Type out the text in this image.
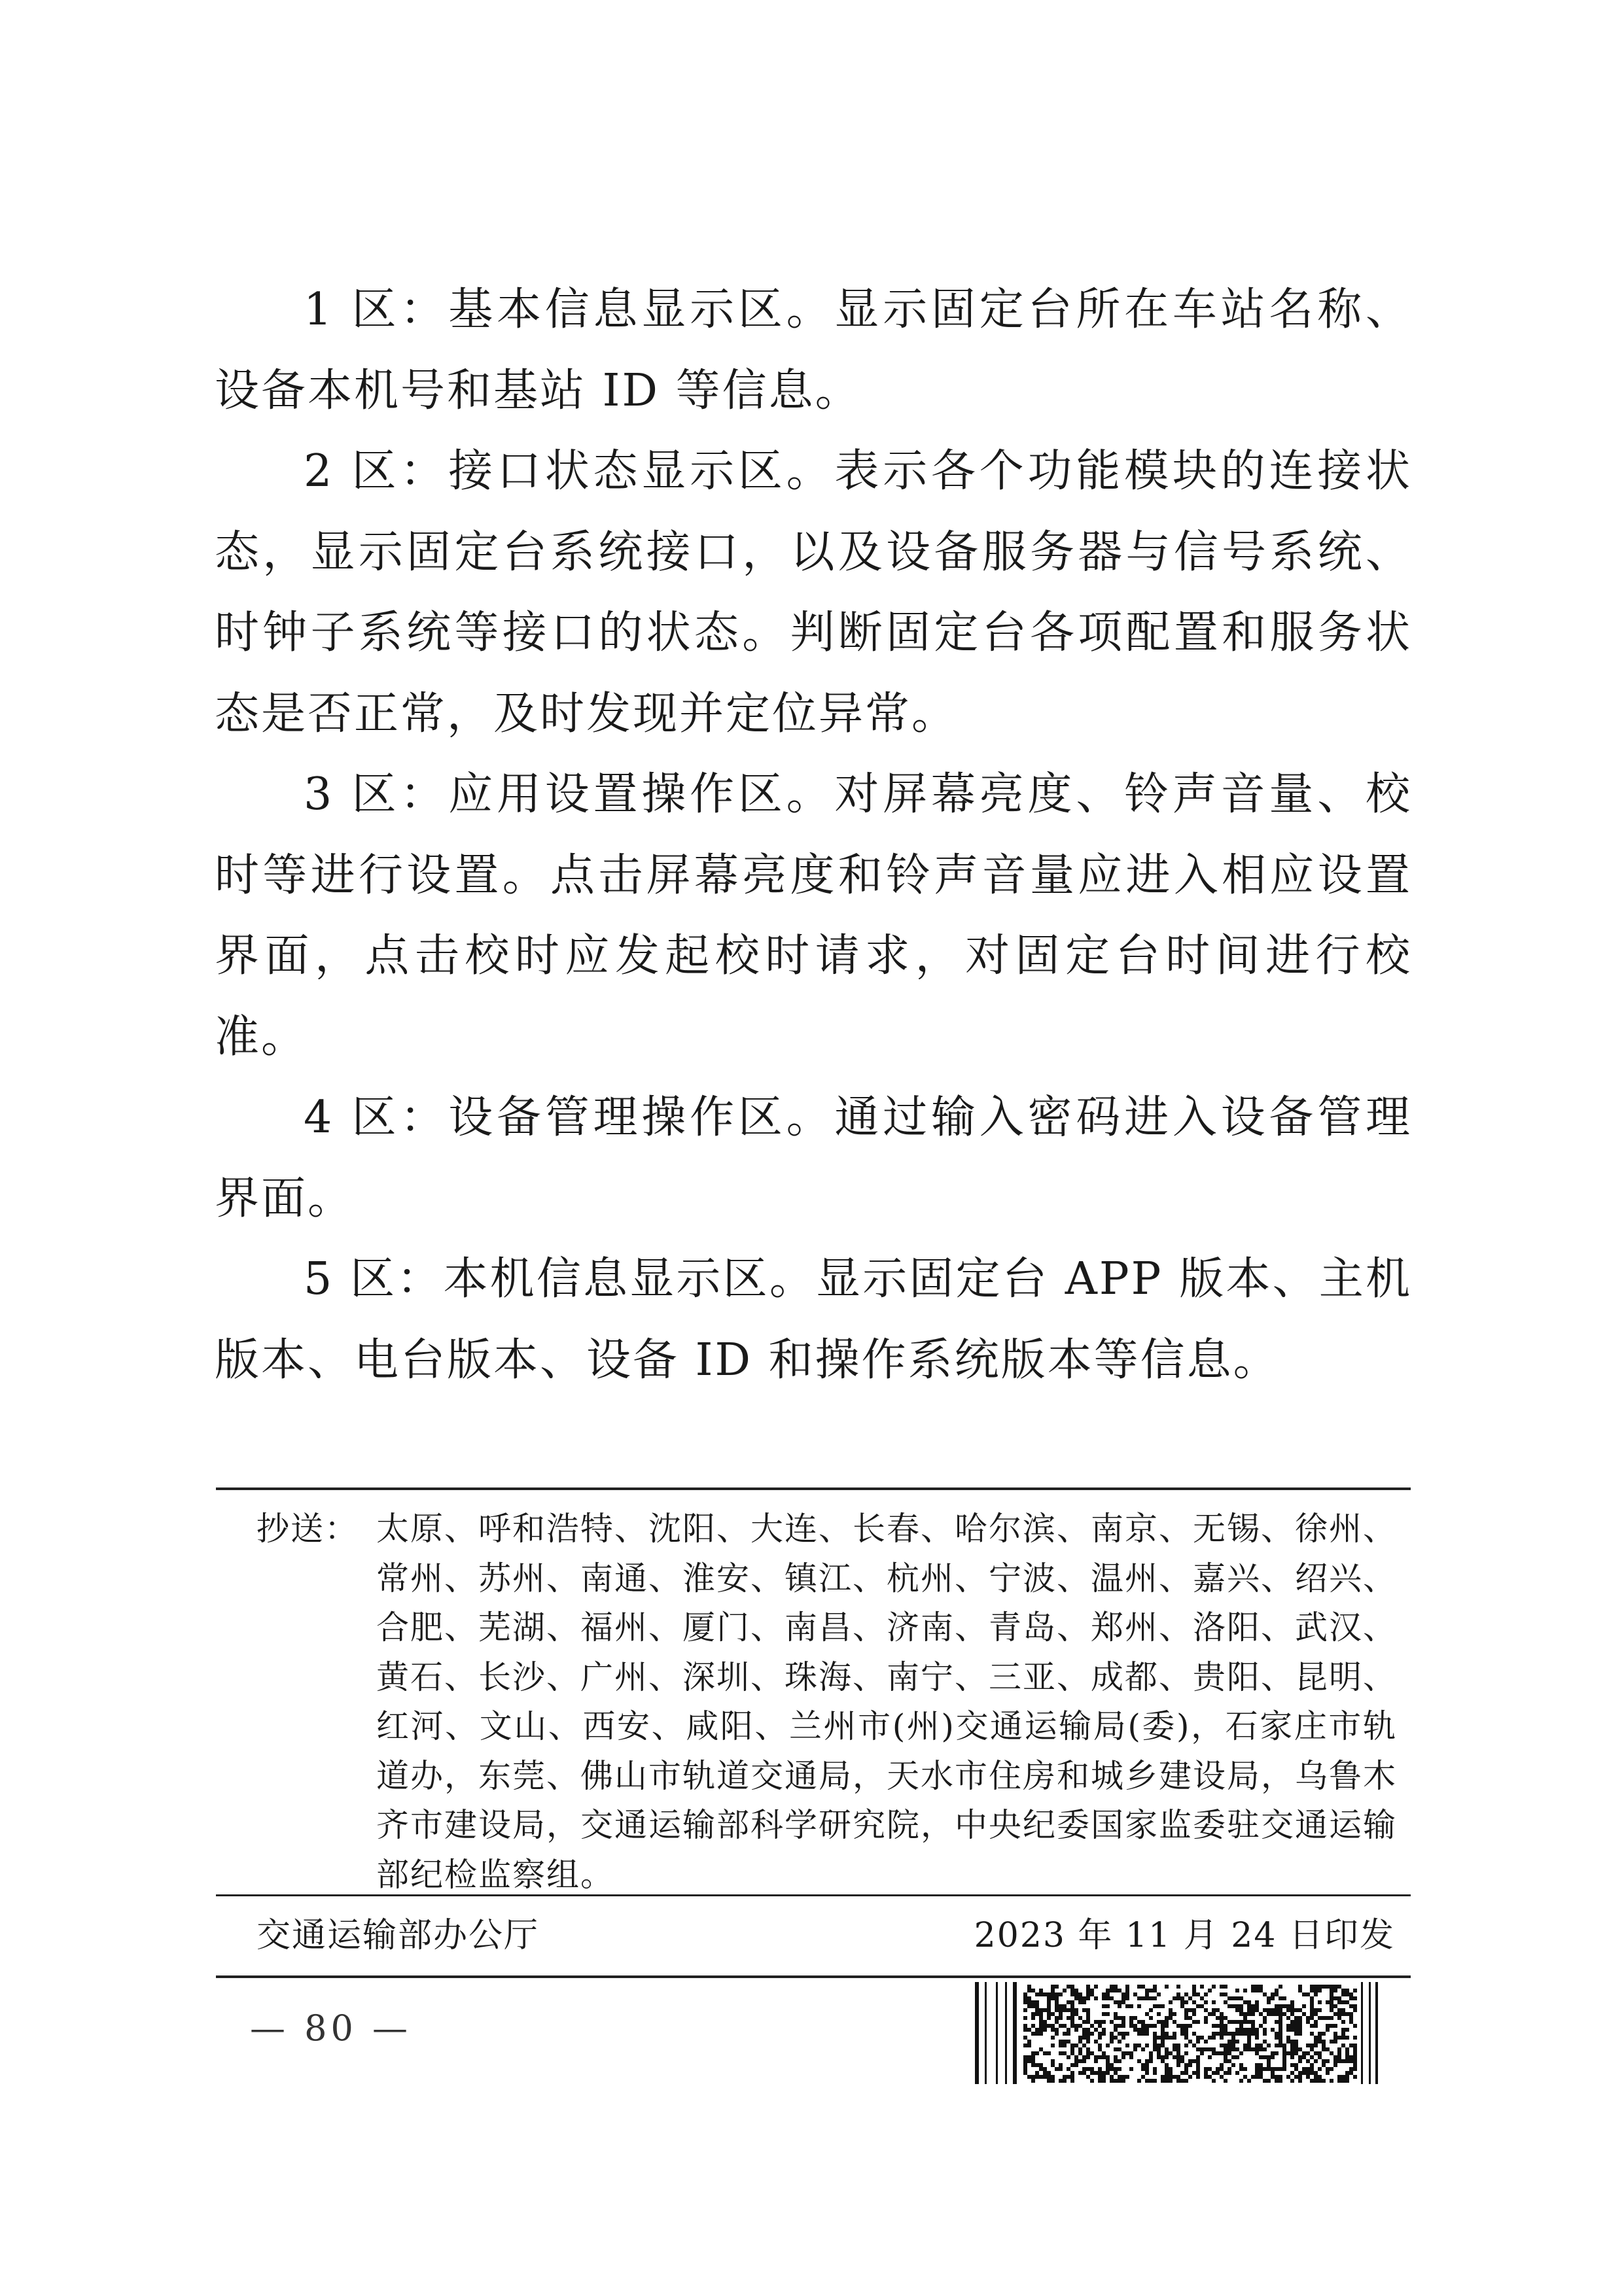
1 区：基本信息显示区。显示固定台所在车站名称、设备本机号和基站 ID 等信息。

2 区：接口状态显示区。表示各个功能模块的连接状态，显示固定台系统接口，以及设备服务器与信号系统、时钟子系统等接口的状态。判断固定台各项配置和服务状态是否正常，及时发现并定位异常。

3 区：应用设置操作区。对屏幕亮度、铃声音量、校时等进行设置。点击屏幕亮度和铃声音量应进入相应设置界面，点击校时应发起校时请求，对固定台时间进行校准。

4 区：设备管理操作区。通过输入密码进入设备管理界面。

5 区：本机信息显示区。显示固定台 APP 版本、主机版本、电台版本、设备 ID 和操作系统版本等信息。

抄送： 太原、呼和浩特、沈阳、大连、长春、哈尔滨、南京、无锡、徐州、常州、苏州、南通、淮安、镇江、杭州、宁波、温州、嘉兴、绍兴、合肥、芜湖、福州、厦门、南昌、济南、青岛、郑州、洛阳、武汉、黄石、长沙、广州、深圳、珠海、南宁、三亚、成都、贵阳、昆明、红河、文山、西安、咸阳、兰州市(州)交通运输局(委)，石家庄市轨道办，东莞、佛山市轨道交通局，天水市住房和城乡建设局，乌鲁木齐市建设局，交通运输部科学研究院，中央纪委国家监委驻交通运输部纪检监察组。
交通运输部办公厅	2023 年 11 月 24 日印发
— 80 —
